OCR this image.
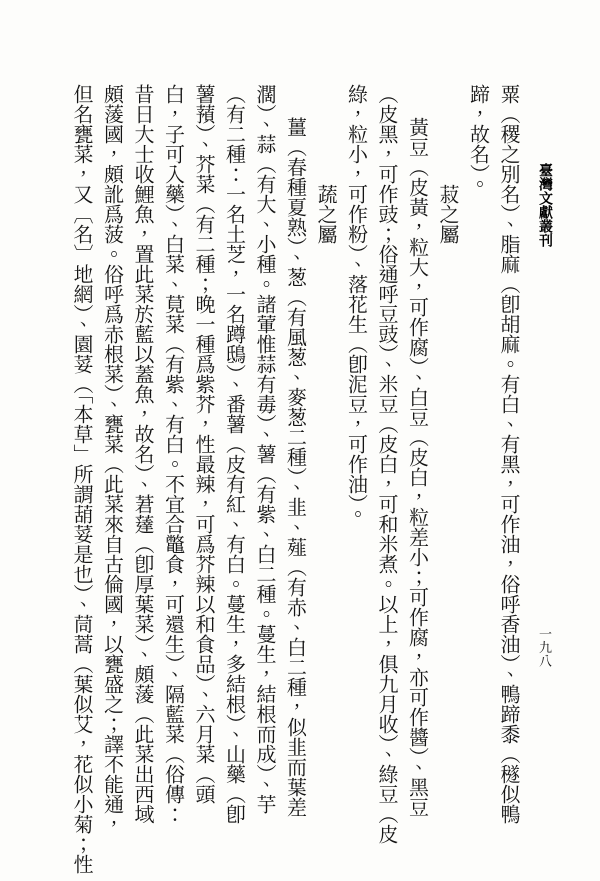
臺灣文獻叢刊
一九八
粟（稷之別名）、脂麻（卽胡麻。有白、有黑，可作油，俗呼香油）、鴨蹄黍（穟似鴨
蹄，故名）。
菽之屬
黃豆（皮黃，粒大，可作腐）、白豆（皮白，粒差小；可作腐，亦可作醬）、黑豆
（皮黑，可作豉；俗通呼豆豉）、米豆（皮白，可和米煮。以上，俱九月收）、綠豆（皮
綠，粒小，可作粉）、落花生（卽泥豆，可作油）。
蔬之屬
薑（春種夏熟）、葱（有風葱、麥葱二種）、韭、薤（有赤、白二種，似韭而葉差
濶）、蒜（有大、小種。諸葷惟蒜有毒）、薯（有紫、白二種。蔓生，結根而成）、芋
（有二種：一名土芝，一名蹲鴟）、番薯（皮有紅、有白。蔓生，多結根）、山藥（卽
薯蕷）、芥菜（有二種；晚一種爲紫芥，性最辣，可爲芥辣以和食品）、六月菜（頭
白，子可入藥）、白菜、莧菜（有紫、有白。不宜合鼈食，可還生）、隔藍菜（俗傳：
昔日大士收鯉魚，置此菜於藍以蓋魚，故名）、莙薘（卽厚葉菜）、頗蔆（此菜出西域
頗蔆國，頗訛爲菠。俗呼爲赤根菜）、甕菜（此菜來自古倫國，以甕盛之；譯不能通，
但名甕菜，又〔名〕地網）、園荽（「本草」所謂葫荽是也）、茼蒿（葉似艾，花似小菊；性
